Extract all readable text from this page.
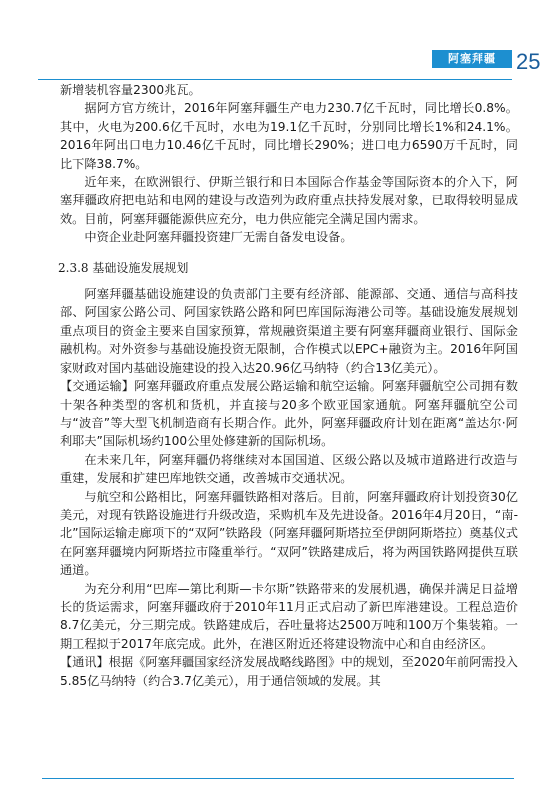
阿塞拜疆 25

新增装机容量2300兆瓦。

据阿方官方统计，2016年阿塞拜疆生产电力230.7亿千瓦时，同比增长0.8%。其中，火电为200.6亿千瓦时，水电为19.1亿千瓦时，分别同比增长1%和24.1%。2016年阿出口电力10.46亿千瓦时，同比增长290%；进口电力6590万千瓦时，同比下降38.7%。

近年来，在欧洲银行、伊斯兰银行和日本国际合作基金等国际资本的介入下，阿塞拜疆政府把电站和电网的建设与改造列为政府重点扶持发展对象，已取得较明显成效。目前，阿塞拜疆能源供应充分，电力供应能完全满足国内需求。

中资企业赴阿塞拜疆投资建厂无需自备发电设备。

2.3.8 基础设施发展规划

阿塞拜疆基础设施建设的负责部门主要有经济部、能源部、交通、通信与高科技部、阿国家公路公司、阿国家铁路公路和阿巴库国际海港公司等。基础设施发展规划重点项目的资金主要来自国家预算，常规融资渠道主要有阿塞拜疆商业银行、国际金融机构。对外资参与基础设施投资无限制，合作模式以EPC+融资为主。2016年阿国家财政对国内基础设施建设的投入达20.96亿马纳特（约合13亿美元）。

【交通运输】阿塞拜疆政府重点发展公路运输和航空运输。阿塞拜疆航空公司拥有数十架各种类型的客机和货机，并直接与20多个欧亚国家通航。阿塞拜疆航空公司与“波音”等大型飞机制造商有长期合作。此外，阿塞拜疆政府计划在距离“盖达尔·阿利耶夫”国际机场约100公里处修建新的国际机场。

在未来几年，阿塞拜疆仍将继续对本国国道、区级公路以及城市道路进行改造与重建，发展和扩建巴库地铁交通，改善城市交通状况。

与航空和公路相比，阿塞拜疆铁路相对落后。目前，阿塞拜疆政府计划投资30亿美元，对现有铁路设施进行升级改造，采购机车及先进设备。2016年4月20日，“南-北”国际运输走廊项下的“双阿”铁路段（阿塞拜疆阿斯塔拉至伊朗阿斯塔拉）奠基仪式在阿塞拜疆境内阿斯塔拉市隆重举行。“双阿”铁路建成后，将为两国铁路网提供互联通道。

为充分利用“巴库—第比利斯—卡尔斯”铁路带来的发展机遇，确保并满足日益增长的货运需求，阿塞拜疆政府于2010年11月正式启动了新巴库港建设。工程总造价8.7亿美元，分三期完成。铁路建成后，吞吐量将达2500万吨和100万个集装箱。一期工程拟于2017年底完成。此外，在港区附近还将建设物流中心和自由经济区。

【通讯】根据《阿塞拜疆国家经济发展战略线路图》中的规划，至2020年前阿需投入5.85亿马纳特（约合3.7亿美元），用于通信领域的发展。其
